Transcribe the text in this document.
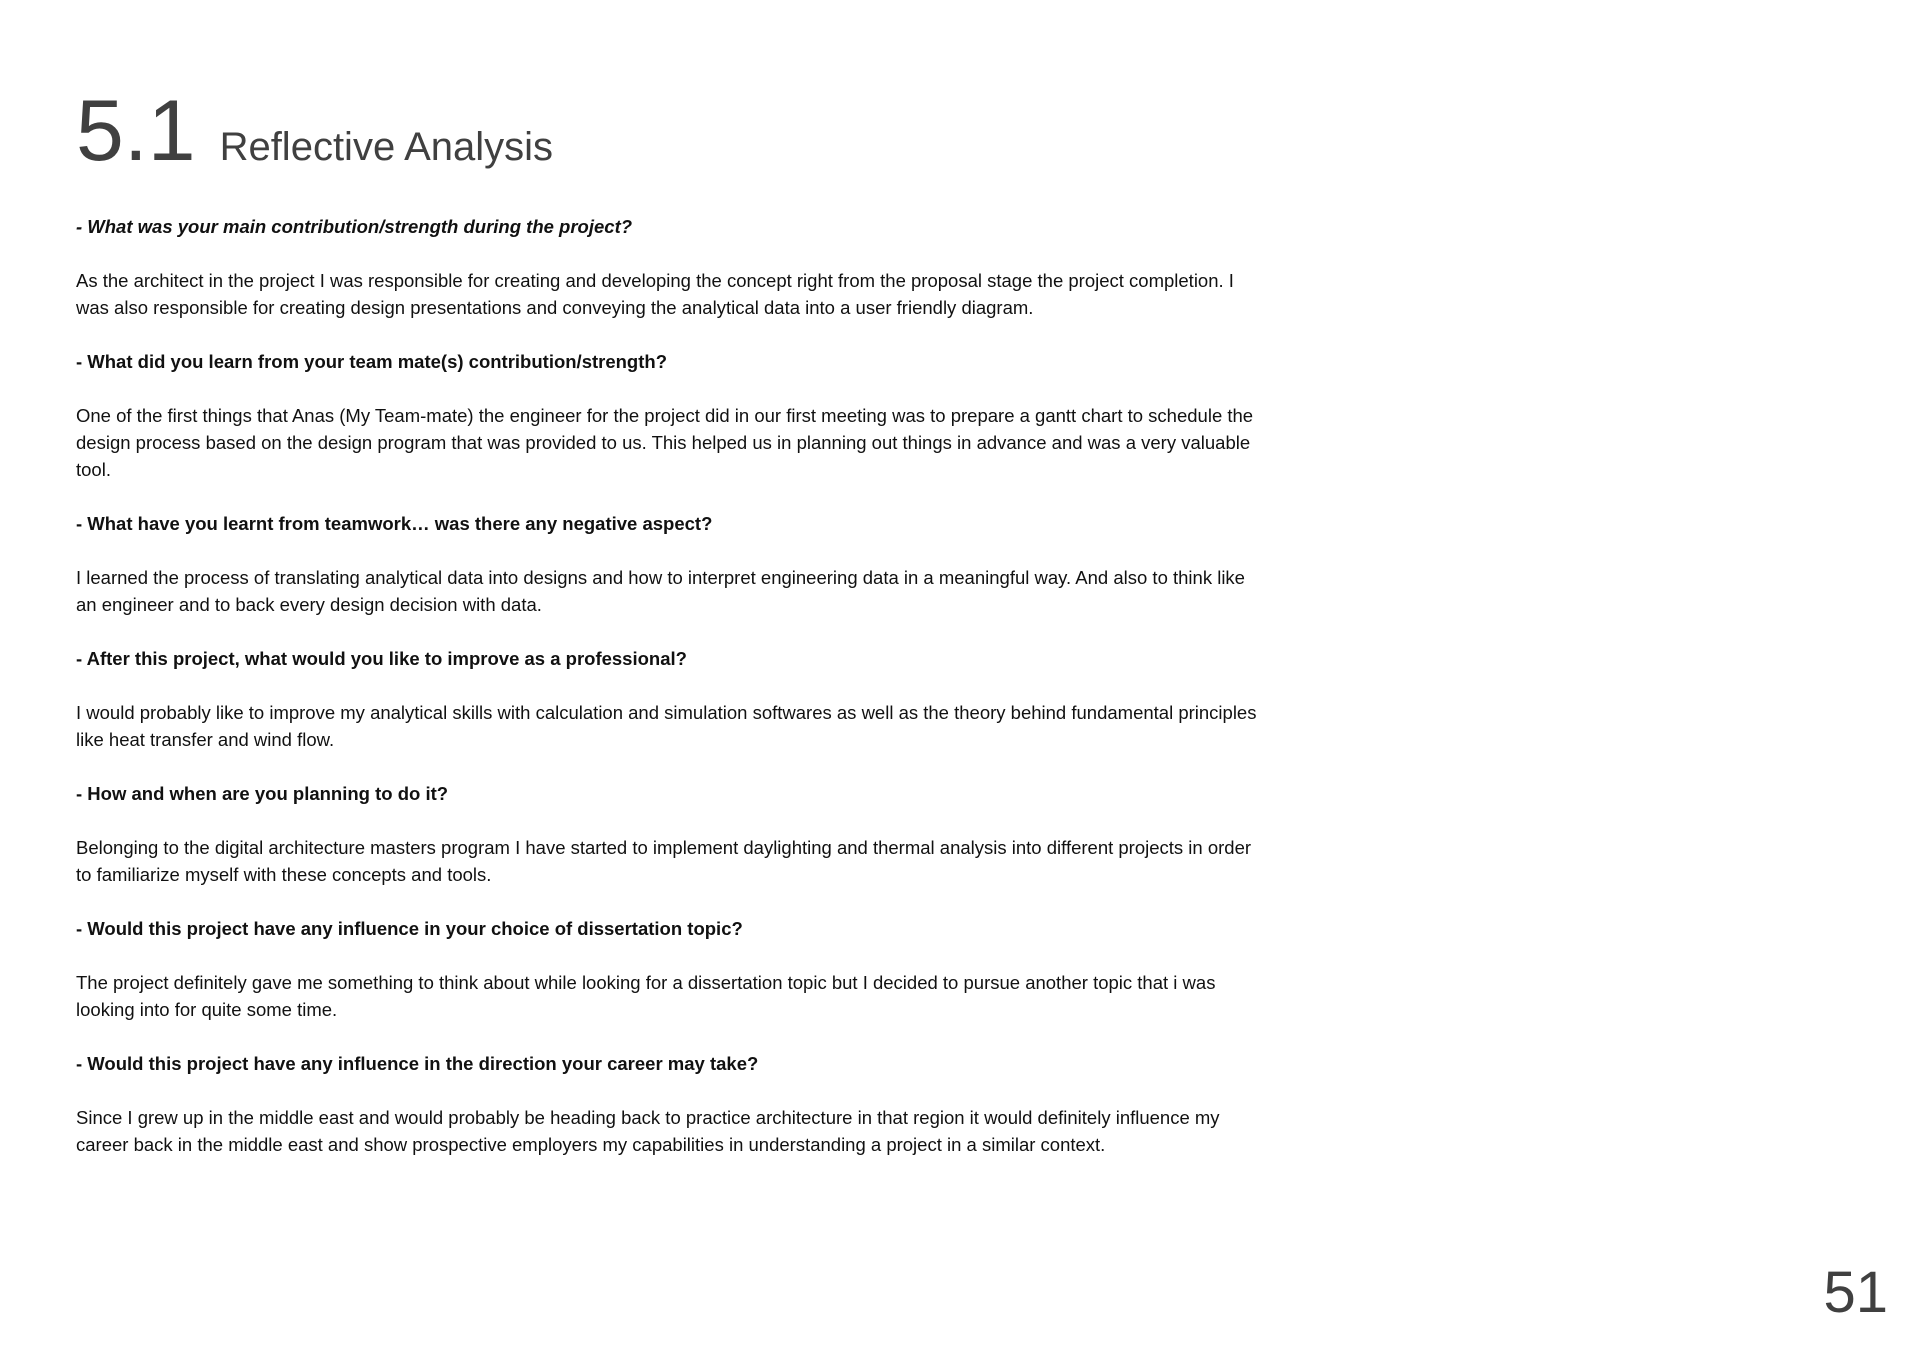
5.1 Reflective Analysis

- What was your main contribution/strength during the project?

As the architect in the project I was responsible for creating and developing the concept right from the proposal stage the project completion. I was also responsible for creating design presentations and conveying the analytical data into a user friendly diagram.

- What did you learn from your team mate(s) contribution/strength?

One of the first things that Anas (My Team-mate) the engineer for the project did in our first meeting was to prepare a gantt chart to schedule the design process based on the design program that was provided to us. This helped us in planning out things in advance and was a very valuable tool.

- What have you learnt from teamwork… was there any negative aspect?

I learned the process of translating analytical data into designs and how to interpret engineering data in a meaningful way. And also to think like an engineer and to back every design decision with data.

- After this project, what would you like to improve as a professional?

I would probably like to improve my analytical skills with calculation and simulation softwares as well as the theory behind fundamental principles like heat transfer and wind flow.

- How and when are you planning to do it?

Belonging to the digital architecture masters program I have started to implement daylighting and thermal analysis into different projects in order to familiarize myself with these concepts and tools.

- Would this project have any influence in your choice of dissertation topic?

The project definitely gave me something to think about while looking for a dissertation topic but I decided to pursue another topic that i was looking into for quite some time.

- Would this project have any influence in the direction your career may take?

Since I grew up in the middle east and would probably be heading back to practice architecture in that region it would definitely influence my career back in the middle east and show prospective employers my capabilities in understanding a project in a similar context.

51
